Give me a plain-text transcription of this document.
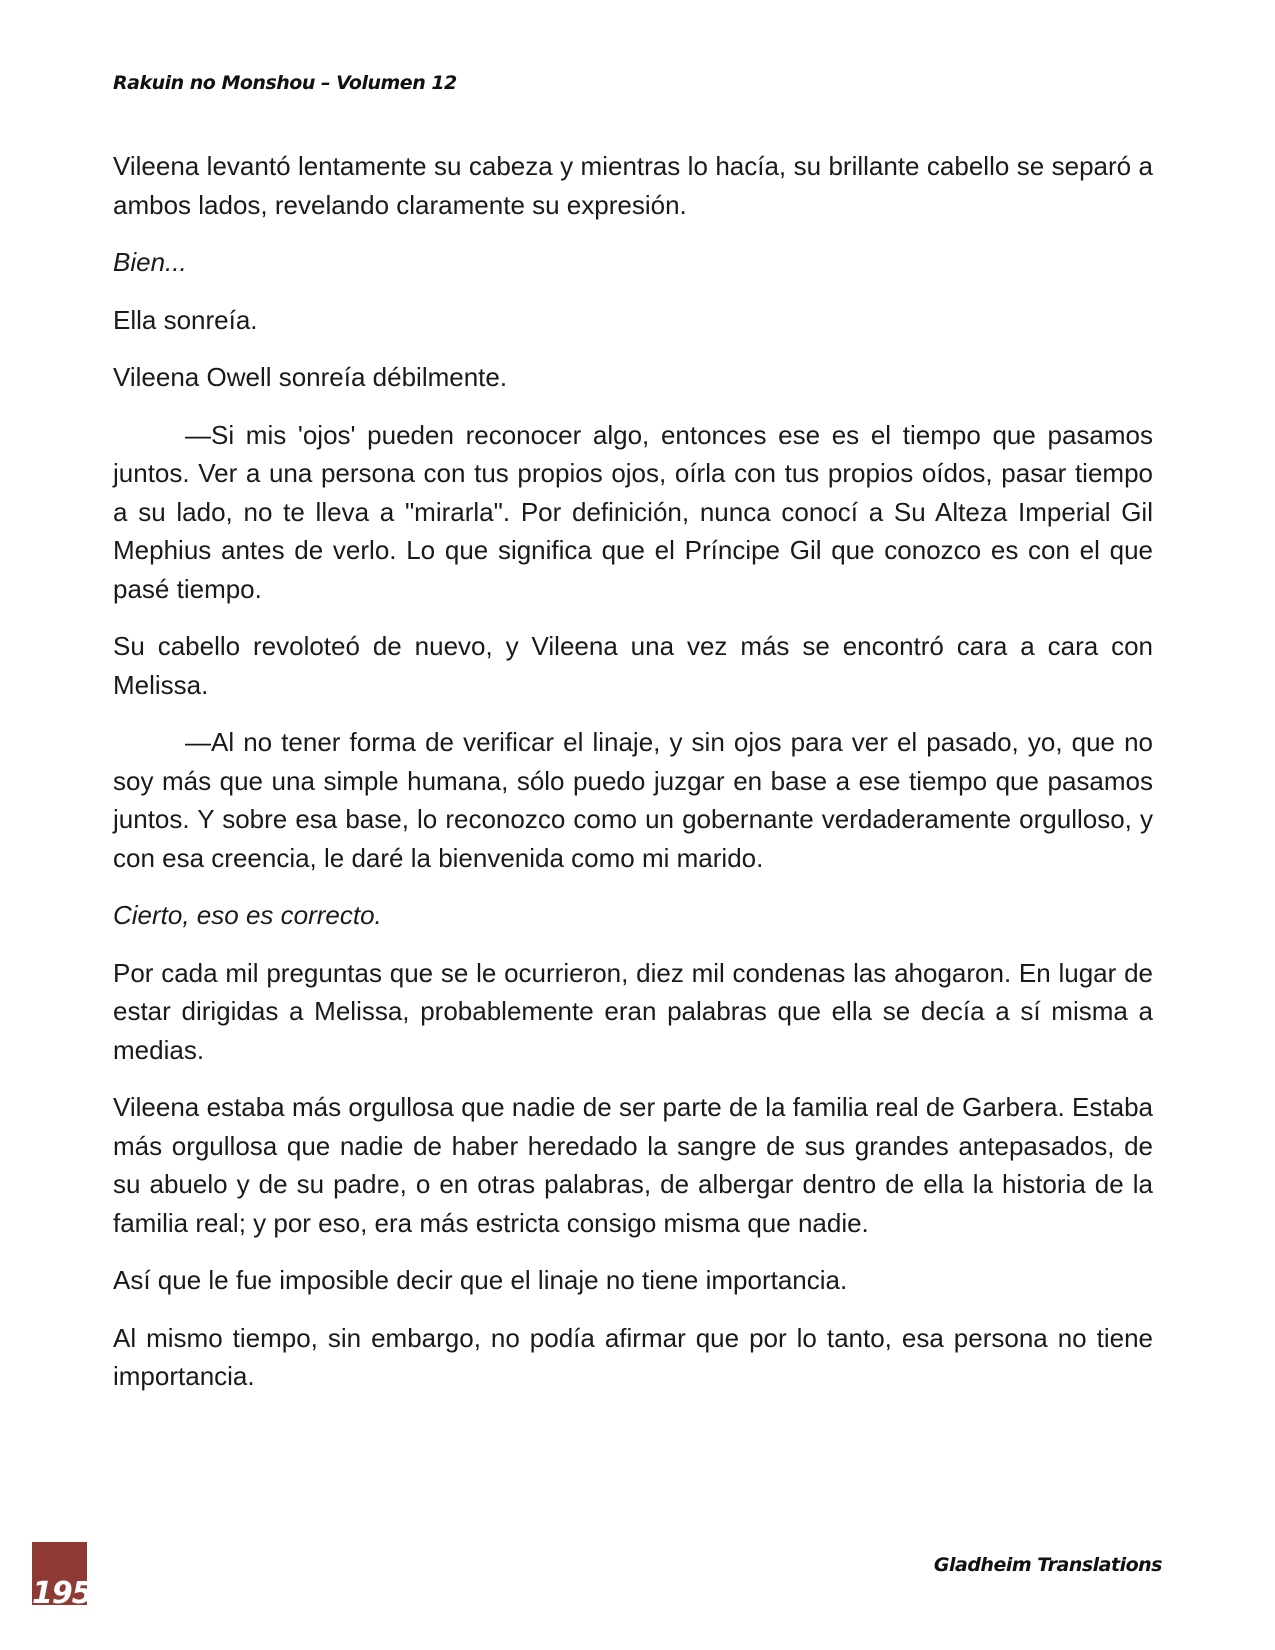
Rakuin no Monshou – Volumen 12

Vileena levantó lentamente su cabeza y mientras lo hacía, su brillante cabello se separó a ambos lados, revelando claramente su expresión.

Bien...

Ella sonreía.

Vileena Owell sonreía débilmente.

—Si mis 'ojos' pueden reconocer algo, entonces ese es el tiempo que pasamos juntos. Ver a una persona con tus propios ojos, oírla con tus propios oídos, pasar tiempo a su lado, no te lleva a "mirarla". Por definición, nunca conocí a Su Alteza Imperial Gil Mephius antes de verlo. Lo que significa que el Príncipe Gil que conozco es con el que pasé tiempo.

Su cabello revoloteó de nuevo, y Vileena una vez más se encontró cara a cara con Melissa.

—Al no tener forma de verificar el linaje, y sin ojos para ver el pasado, yo, que no soy más que una simple humana, sólo puedo juzgar en base a ese tiempo que pasamos juntos. Y sobre esa base, lo reconozco como un gobernante verdaderamente orgulloso, y con esa creencia, le daré la bienvenida como mi marido.

Cierto, eso es correcto.

Por cada mil preguntas que se le ocurrieron, diez mil condenas las ahogaron. En lugar de estar dirigidas a Melissa, probablemente eran palabras que ella se decía a sí misma a medias.

Vileena estaba más orgullosa que nadie de ser parte de la familia real de Garbera. Estaba más orgullosa que nadie de haber heredado la sangre de sus grandes antepasados, de su abuelo y de su padre, o en otras palabras, de albergar dentro de ella la historia de la familia real; y por eso, era más estricta consigo misma que nadie.

Así que le fue imposible decir que el linaje no tiene importancia.

Al mismo tiempo, sin embargo, no podía afirmar que por lo tanto, esa persona no tiene importancia.

195
Gladheim Translations
